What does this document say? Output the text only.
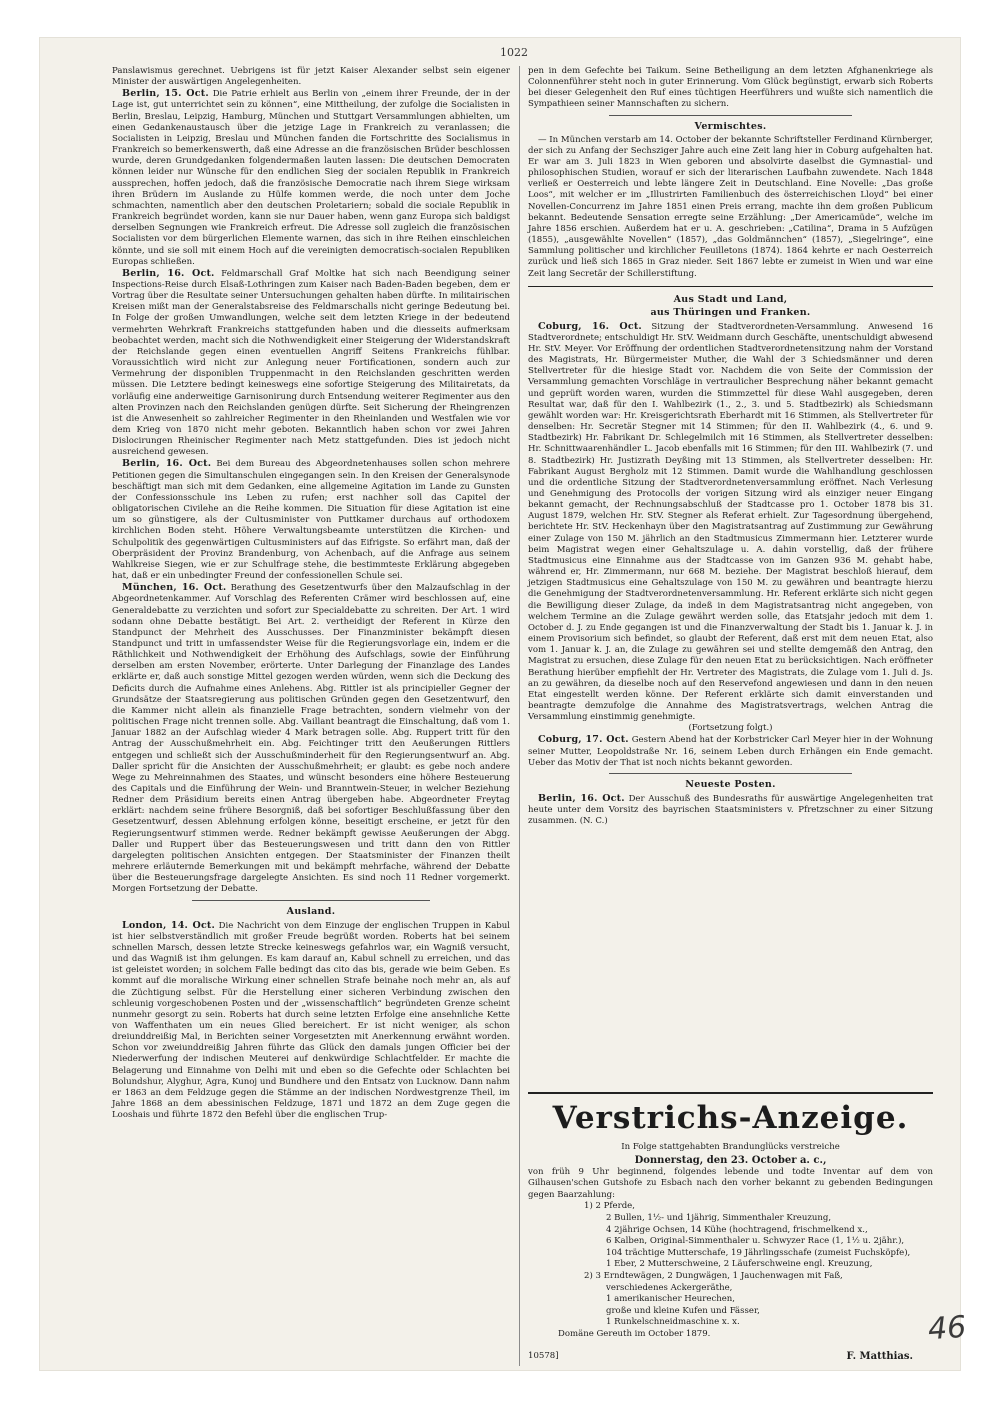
1022

Panslawismus gerechnet. Uebrigens ist für jetzt Kaiser Alexander selbst sein eigener Minister der auswärtigen Angelegenheiten.

Berlin, 15. Oct. Die Patrie erhielt aus Berlin von „einem ihrer Freunde, der in der Lage ist, gut unterrichtet sein zu können“, eine Mittheilung, der zufolge die Socialisten in Berlin, Breslau, Leipzig, Hamburg, München und Stuttgart Versammlungen abhielten, um einen Gedankenaustausch über die jetzige Lage in Frankreich zu veranlassen; die Socialisten in Leipzig, Breslau und München fanden die Fortschritte des Socialismus in Frankreich so bemerkenswerth, daß eine Adresse an die französischen Brüder beschlossen wurde, deren Grundgedanken folgendermaßen lauten lassen: Die deutschen Democraten können leider nur Wünsche für den endlichen Sieg der socialen Republik in Frankreich aussprechen, hoffen jedoch, daß die französische Democratie nach ihrem Siege wirksam ihren Brüdern im Auslande zu Hülfe kommen werde, die noch unter dem Joche schmachten, namentlich aber den deutschen Proletariern; sobald die sociale Republik in Frankreich begründet worden, kann sie nur Dauer haben, wenn ganz Europa sich baldigst derselben Segnungen wie Frankreich erfreut. Die Adresse soll zugleich die französischen Socialisten vor dem bürgerlichen Elemente warnen, das sich in ihre Reihen einschleichen könnte, und sie soll mit einem Hoch auf die vereinigten democratisch-socialen Republiken Europas schließen.

Berlin, 16. Oct. Feldmarschall Graf Moltke hat sich nach Beendigung seiner Inspections-Reise durch Elsaß-Lothringen zum Kaiser nach Baden-Baden begeben, dem er Vortrag über die Resultate seiner Untersuchungen gehalten haben dürfte. In militairischen Kreisen mißt man der Generalstabsreise des Feldmarschalls nicht geringe Bedeutung bei. In Folge der großen Umwandlungen, welche seit dem letzten Kriege in der bedeutend vermehrten Wehrkraft Frankreichs stattgefunden haben und die diesseits aufmerksam beobachtet werden, macht sich die Nothwendigkeit einer Steigerung der Widerstandskraft der Reichslande gegen einen eventuellen Angriff Seitens Frankreichs fühlbar. Voraussichtlich wird nicht zur Anlegung neuer Fortificationen, sondern auch zur Vermehrung der disponiblen Truppenmacht in den Reichslanden geschritten werden müssen. Die Letztere bedingt keineswegs eine sofortige Steigerung des Militairetats, da vorläufig eine anderweitige Garnisonirung durch Entsendung weiterer Regimenter aus den alten Provinzen nach den Reichslanden genügen dürfte. Seit Sicherung der Rheingrenzen ist die Anwesenheit so zahlreicher Regimenter in den Rheinlanden und Westfalen wie vor dem Krieg von 1870 nicht mehr geboten. Bekanntlich haben schon vor zwei Jahren Dislocirungen Rheinischer Regimenter nach Metz stattgefunden. Dies ist jedoch nicht ausreichend gewesen.

Berlin, 16. Oct. Bei dem Bureau des Abgeordnetenhauses sollen schon mehrere Petitionen gegen die Simultanschulen eingegangen sein. In den Kreisen der Generalsynode beschäftigt man sich mit dem Gedanken, eine allgemeine Agitation im Lande zu Gunsten der Confessionsschule ins Leben zu rufen; erst nachher soll das Capitel der obligatorischen Civilehe an die Reihe kommen. Die Situation für diese Agitation ist eine um so günstigere, als der Cultusminister von Puttkamer durchaus auf orthodoxem kirchlichen Boden steht. Höhere Verwaltungsbeamte unterstützen die Kirchen- und Schulpolitik des gegenwärtigen Cultusministers auf das Eifrigste. So erfährt man, daß der Oberpräsident der Provinz Brandenburg, von Achenbach, auf die Anfrage aus seinem Wahlkreise Siegen, wie er zur Schulfrage stehe, die bestimmteste Erklärung abgegeben hat, daß er ein unbedingter Freund der confessionellen Schule sei.

München, 16. Oct. Berathung des Gesetzentwurfs über den Malzaufschlag in der Abgeordnetenkammer. Auf Vorschlag des Referenten Crämer wird beschlossen auf, eine Generaldebatte zu verzichten und sofort zur Specialdebatte zu schreiten. Der Art. 1 wird sodann ohne Debatte bestätigt. Bei Art. 2. vertheidigt der Referent in Kürze den Standpunct der Mehrheit des Ausschusses. Der Finanzminister bekämpft diesen Standpunct und tritt in umfassendster Weise für die Regierungsvorlage ein, indem er die Räthlichkeit und Nothwendigkeit der Erhöhung des Aufschlags, sowie der Einführung derselben am ersten November, erörterte. Unter Darlegung der Finanzlage des Landes erklärte er, daß auch sonstige Mittel gezogen werden würden, wenn sich die Deckung des Deficits durch die Aufnahme eines Anlehens. Abg. Rittler ist als principieller Gegner der Grundsätze der Staatsregierung aus politischen Gründen gegen den Gesetzentwurf, den die Kammer nicht allein als finanzielle Frage betrachten, sondern vielmehr von der politischen Frage nicht trennen solle. Abg. Vaillant beantragt die Einschaltung, daß vom 1. Januar 1882 an der Aufschlag wieder 4 Mark betragen solle. Abg. Ruppert tritt für den Antrag der Ausschußmehrheit ein. Abg. Feichtinger tritt den Aeußerungen Rittlers entgegen und schließt sich der Ausschußminderheit für den Regierungsentwurf an. Abg. Daller spricht für die Ansichten der Ausschußmehrheit; er glaubt: es gebe noch andere Wege zu Mehreinnahmen des Staates, und wünscht besonders eine höhere Besteuerung des Capitals und die Einführung der Wein- und Branntwein-Steuer, in welcher Beziehung Redner dem Präsidium bereits einen Antrag übergeben habe. Abgeordneter Freytag erklärt: nachdem seine frühere Besorgniß, daß bei sofortiger Beschlußfassung über den Gesetzentwurf, dessen Ablehnung erfolgen könne, beseitigt erscheine, er jetzt für den Regierungsentwurf stimmen werde. Redner bekämpft gewisse Aeußerungen der Abgg. Daller und Ruppert über das Besteuerungswesen und tritt dann den von Rittler dargelegten politischen Ansichten entgegen. Der Staatsminister der Finanzen theilt mehrere erläuternde Bemerkungen mit und bekämpft mehrfache, während der Debatte über die Besteuerungsfrage dargelegte Ansichten. Es sind noch 11 Redner vorgemerkt. Morgen Fortsetzung der Debatte.

Ausland.

London, 14. Oct. Die Nachricht von dem Einzuge der englischen Truppen in Kabul ist hier selbstverständlich mit großer Freude begrüßt worden. Roberts hat bei seinem schnellen Marsch, dessen letzte Strecke keineswegs gefahrlos war, ein Wagniß versucht, und das Wagniß ist ihm gelungen. Es kam darauf an, Kabul schnell zu erreichen, und das ist geleistet worden; in solchem Falle bedingt das cito das bis, gerade wie beim Geben. Es kommt auf die moralische Wirkung einer schnellen Strafe beinahe noch mehr an, als auf die Züchtigung selbst. Für die Herstellung einer sicheren Verbindung zwischen den schleunig vorgeschobenen Posten und der „wissenschaftlich“ begründeten Grenze scheint nunmehr gesorgt zu sein. Roberts hat durch seine letzten Erfolge eine ansehnliche Kette von Waffenthaten um ein neues Glied bereichert. Er ist nicht weniger, als schon dreiunddreißig Mal, in Berichten seiner Vorgesetzten mit Anerkennung erwähnt worden. Schon vor zweiunddreißig Jahren führte das Glück den damals jungen Officier bei der Niederwerfung der indischen Meuterei auf denkwürdige Schlachtfelder. Er machte die Belagerung und Einnahme von Delhi mit und eben so die Gefechte oder Schlachten bei Bolundshur, Alyghur, Agra, Kunoj und Bundhere und den Entsatz von Lucknow. Dann nahm er 1863 an dem Feldzuge gegen die Stämme an der indischen Nordwestgrenze Theil, im Jahre 1868 an dem abessinischen Feldzuge, 1871 und 1872 an dem Zuge gegen die Looshais und führte 1872 den Befehl über die englischen Trup-

pen in dem Gefechte bei Taikum. Seine Betheiligung an dem letzten Afghanenkriege als Colonnenführer steht noch in guter Erinnerung. Vom Glück begünstigt, erwarb sich Roberts bei dieser Gelegenheit den Ruf eines tüchtigen Heerführers und wußte sich namentlich die Sympathieen seiner Mannschaften zu sichern.

Vermischtes.

— In München verstarb am 14. October der bekannte Schriftsteller Ferdinand Kürnberger, der sich zu Anfang der Sechsziger Jahre auch eine Zeit lang hier in Coburg aufgehalten hat. Er war am 3. Juli 1823 in Wien geboren und absolvirte daselbst die Gymnastial- und philosophischen Studien, worauf er sich der literarischen Laufbahn zuwendete. Nach 1848 verließ er Oesterreich und lebte längere Zeit in Deutschland. Eine Novelle: „Das große Loos“, mit welcher er im „Illustrirten Familienbuch des österreichischen Lloyd“ bei einer Novellen-Concurrenz im Jahre 1851 einen Preis errang, machte ihn dem großen Publicum bekannt. Bedeutende Sensation erregte seine Erzählung: „Der Americamüde“, welche im Jahre 1856 erschien. Außerdem hat er u. A. geschrieben: „Catilina“, Drama in 5 Aufzügen (1855), „ausgewählte Novellen“ (1857), „das Goldmännchen“ (1857), „Siegelringe“, eine Sammlung politischer und kirchlicher Feuilletons (1874). 1864 kehrte er nach Oesterreich zurück und ließ sich 1865 in Graz nieder. Seit 1867 lebte er zumeist in Wien und war eine Zeit lang Secretär der Schillerstiftung.

Aus Stadt und Land,
aus Thüringen und Franken.

Coburg, 16. Oct. Sitzung der Stadtverordneten-Versammlung. Anwesend 16 Stadtverordnete; entschuldigt Hr. StV. Weidmann durch Geschäfte, unentschuldigt abwesend Hr. StV. Meyer. Vor Eröffnung der ordentlichen Stadtverordnetensitzung nahm der Vorstand des Magistrats, Hr. Bürgermeister Muther, die Wahl der 3 Schiedsmänner und deren Stellvertreter für die hiesige Stadt vor. Nachdem die von Seite der Commission der Versammlung gemachten Vorschläge in vertraulicher Besprechung näher bekannt gemacht und geprüft worden waren, wurden die Stimmzettel für diese Wahl ausgegeben, deren Resultat war, daß für den I. Wahlbezirk (1., 2., 3. und 5. Stadtbezirk) als Schiedsmann gewählt worden war: Hr. Kreisgerichtsrath Eberhardt mit 16 Stimmen, als Stellvertreter für denselben: Hr. Secretär Stegner mit 14 Stimmen; für den II. Wahlbezirk (4., 6. und 9. Stadtbezirk) Hr. Fabrikant Dr. Schlegelmilch mit 16 Stimmen, als Stellvertreter desselben: Hr. Schnittwaarenhändler L. Jacob ebenfalls mit 16 Stimmen; für den III. Wahlbezirk (7. und 8. Stadtbezirk) Hr. Justizrath Deyßing mit 13 Stimmen, als Stellvertreter desselben: Hr. Fabrikant August Bergholz mit 12 Stimmen. Damit wurde die Wahlhandlung geschlossen und die ordentliche Sitzung der Stadtverordnetenversammlung eröffnet. Nach Verlesung und Genehmigung des Protocolls der vorigen Sitzung wird als einziger neuer Eingang bekannt gemacht, der Rechnungsabschluß der Stadtcasse pro 1. October 1878 bis 31. August 1879, welchen Hr. StV. Stegner als Referat erhielt. Zur Tagesordnung übergehend, berichtete Hr. StV. Heckenhayn über den Magistratsantrag auf Zustimmung zur Gewährung einer Zulage von 150 M. jährlich an den Stadtmusicus Zimmermann hier. Letzterer wurde beim Magistrat wegen einer Gehaltszulage u. A. dahin vorstellig, daß der frühere Stadtmusicus eine Einnahme aus der Stadtcasse von im Ganzen 936 M. gehabt habe, während er, Hr. Zimmermann, nur 668 M. beziehe. Der Magistrat beschloß hierauf, dem jetzigen Stadtmusicus eine Gehaltszulage von 150 M. zu gewähren und beantragte hierzu die Genehmigung der Stadtverordnetenversammlung. Hr. Referent erklärte sich nicht gegen die Bewilligung dieser Zulage, da indeß in dem Magistratsantrag nicht angegeben, von welchem Termine an die Zulage gewährt werden solle, das Etatsjahr jedoch mit dem 1. October d. J. zu Ende gegangen ist und die Finanzverwaltung der Stadt bis 1. Januar k. J. in einem Provisorium sich befindet, so glaubt der Referent, daß erst mit dem neuen Etat, also vom 1. Januar k. J. an, die Zulage zu gewähren sei und stellte demgemäß den Antrag, den Magistrat zu ersuchen, diese Zulage für den neuen Etat zu berücksichtigen. Nach eröffneter Berathung hierüber empfiehlt der Hr. Vertreter des Magistrats, die Zulage vom 1. Juli d. Js. an zu gewähren, da dieselbe noch auf den Reservefond angewiesen und dann in den neuen Etat eingestellt werden könne. Der Referent erklärte sich damit einverstanden und beantragte demzufolge die Annahme des Magistratsvertrags, welchen Antrag die Versammlung einstimmig genehmigte.

(Fortsetzung folgt.)

Coburg, 17. Oct. Gestern Abend hat der Korbstricker Carl Meyer hier in der Wohnung seiner Mutter, Leopoldstraße Nr. 16, seinem Leben durch Erhängen ein Ende gemacht. Ueber das Motiv der That ist noch nichts bekannt geworden.

Neueste Posten.

Berlin, 16. Oct. Der Ausschuß des Bundesraths für auswärtige Angelegenheiten trat heute unter dem Vorsitz des bayrischen Staatsministers v. Pfretzschner zu einer Sitzung zusammen. (N. C.)

Verstrichs-Anzeige.
In Folge stattgehabten Brandunglücks verstreiche
Donnerstag, den 23. October a. c.,
von früh 9 Uhr beginnend, folgendes lebende und todte Inventar auf dem von Gilhausen'schen Gutshofe zu Esbach nach den vorher bekannt zu gebenden Bedingungen gegen Baarzahlung:
1) 2 Pferde,
2 Bullen, 1½- und 1jährig, Simmenthaler Kreuzung,
4 2jährige Ochsen, 14 Kühe (hochtragend, frischmelkend x.,
6 Kalben, Original-Simmenthaler u. Schwyzer Race (1, 1½ u. 2jähr.),
104 trächtige Mutterschafe, 19 Jährlingsschafe (zumeist Fuchsköpfe),
1 Eber, 2 Mutterschweine, 2 Läuferschweine engl. Kreuzung,
2) 3 Erndtewägen, 2 Dungwägen, 1 Jauchenwagen mit Faß,
verschiedenes Ackergeräthe,
1 amerikanischer Heurechen,
große und kleine Kufen und Fässer,
1 Runkelschneidmaschine x. x.
Domäne Gereuth im October 1879.
10578]	F. Matthias.
46
